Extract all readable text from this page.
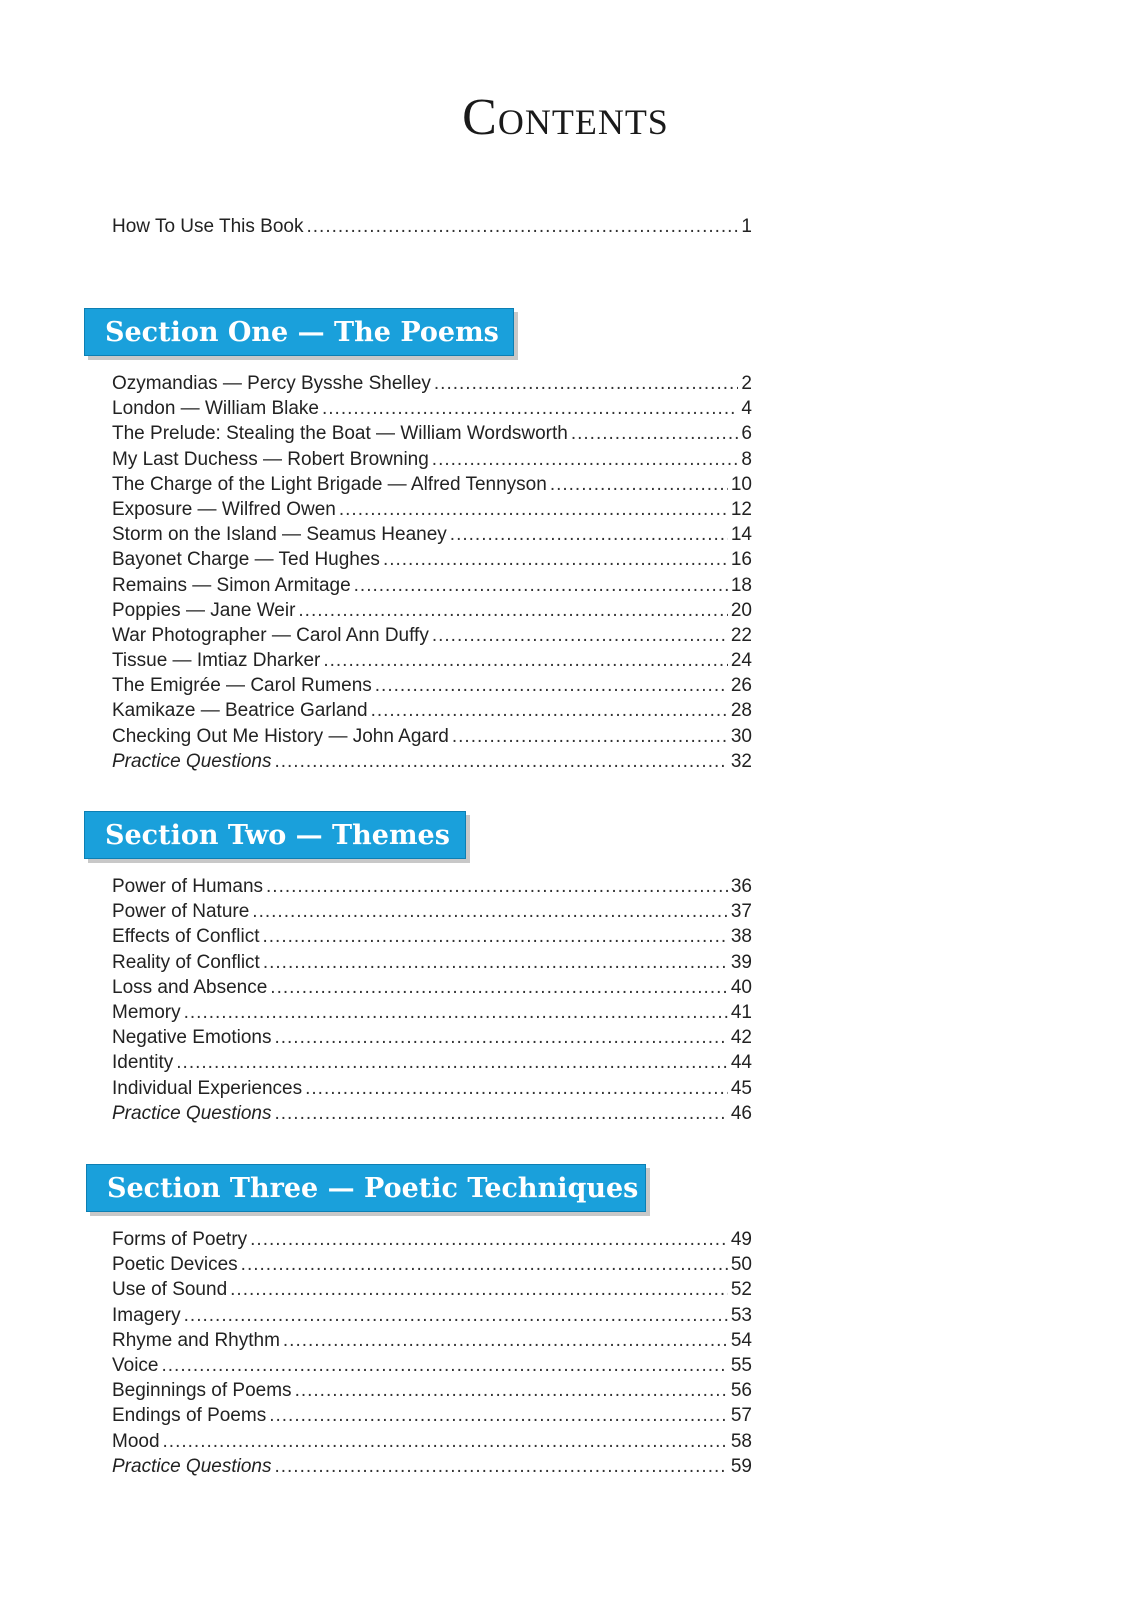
Contents
How To Use This Book .....	1
Section One — The Poems
Ozymandias — Percy Bysshe Shelley .....	2
London — William Blake .....	4
The Prelude: Stealing the Boat — William Wordsworth .....	6
My Last Duchess — Robert Browning .....	8
The Charge of the Light Brigade — Alfred Tennyson .....	10
Exposure — Wilfred Owen .....	12
Storm on the Island — Seamus Heaney .....	14
Bayonet Charge — Ted Hughes .....	16
Remains — Simon Armitage .....	18
Poppies — Jane Weir .....	20
War Photographer — Carol Ann Duffy .....	22
Tissue — Imtiaz Dharker .....	24
The Emigrée — Carol Rumens .....	26
Kamikaze — Beatrice Garland .....	28
Checking Out Me History — John Agard .....	30
Practice Questions .....	32
Section Two — Themes
Power of Humans .....	36
Power of Nature .....	37
Effects of Conflict .....	38
Reality of Conflict .....	39
Loss and Absence .....	40
Memory .....	41
Negative Emotions .....	42
Identity .....	44
Individual Experiences .....	45
Practice Questions .....	46
Section Three — Poetic Techniques
Forms of Poetry .....	49
Poetic Devices .....	50
Use of Sound .....	52
Imagery .....	53
Rhyme and Rhythm .....	54
Voice .....	55
Beginnings of Poems .....	56
Endings of Poems .....	57
Mood .....	58
Practice Questions .....	59
